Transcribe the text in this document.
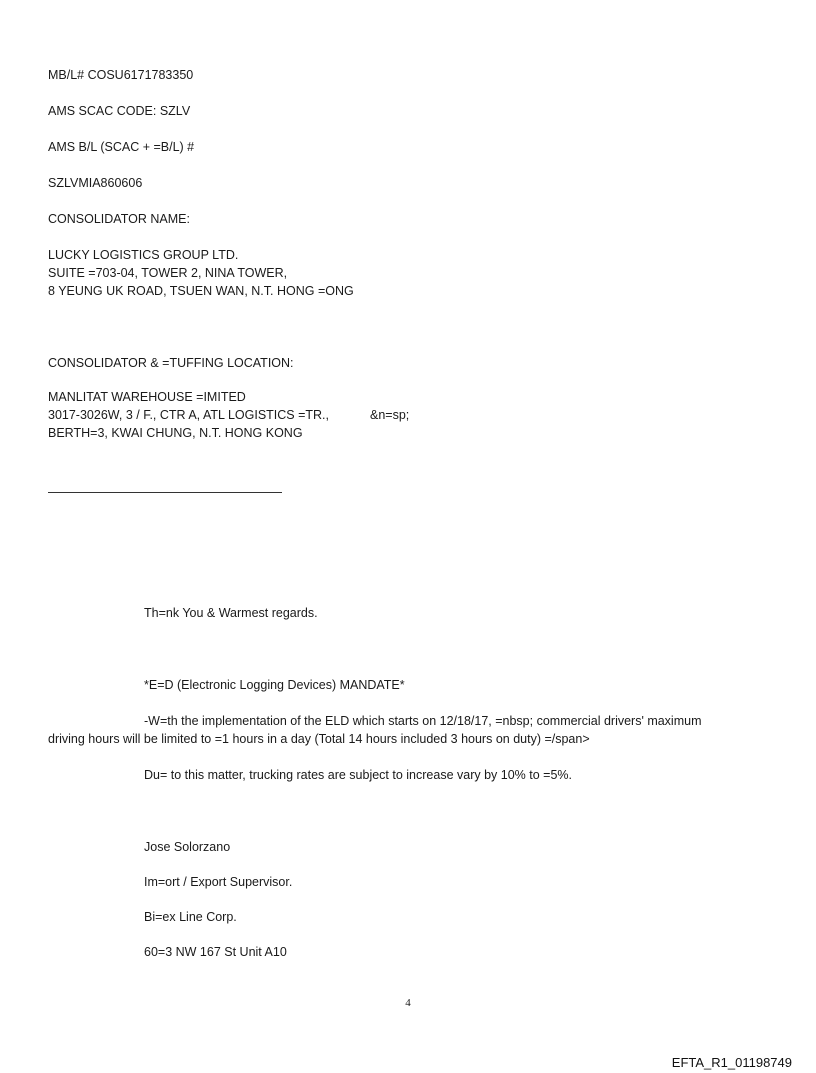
MB/L# COSU6171783350
AMS SCAC CODE: SZLV
AMS B/L (SCAC + =B/L) #
SZLVMIA860606
CONSOLIDATOR NAME:
LUCKY LOGISTICS GROUP LTD.
SUITE =703-04, TOWER 2, NINA TOWER,
8 YEUNG UK ROAD, TSUEN WAN, N.T. HONG =ONG
CONSOLIDATOR & =TUFFING LOCATION:
MANLITAT WAREHOUSE =IMITED
3017-3026W, 3 / F., CTR A, ATL LOGISTICS =TR.,	&n=sp;
BERTH=3, KWAI CHUNG, N.T. HONG KONG
Th=nk You & Warmest regards.
*E=D (Electronic Logging Devices) MANDATE*
-W=th the implementation of the ELD which starts on 12/18/17, =nbsp; commercial drivers' maximum
driving hours will be limited to =1 hours in a day (Total 14 hours included 3 hours on duty) =/span>
Du= to this matter, trucking rates are subject to increase vary by 10% to =5%.
Jose Solorzano
Im=ort / Export Supervisor.
Bi=ex Line Corp.
60=3 NW 167 St Unit A10
4
EFTA_R1_01198749
